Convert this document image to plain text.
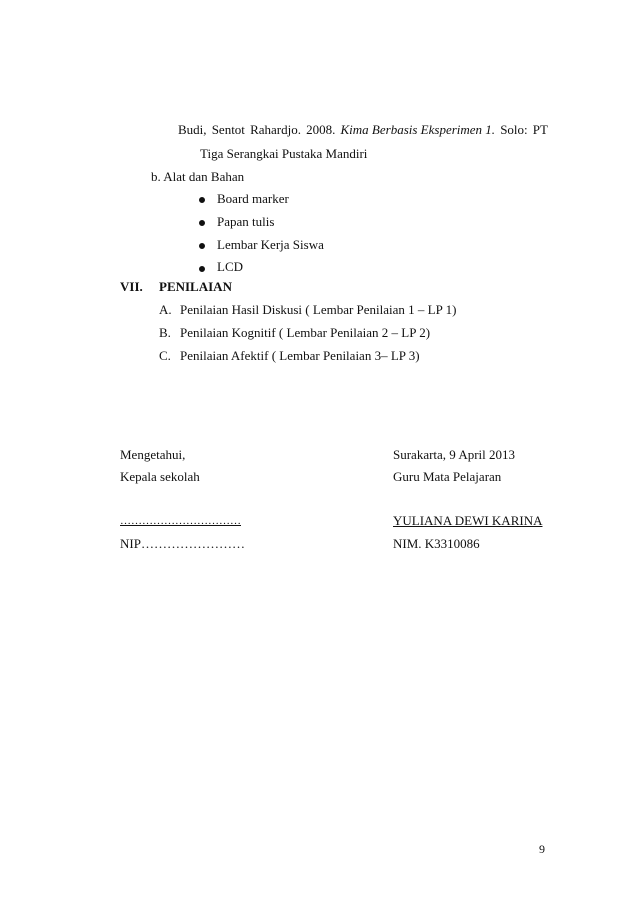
Budi, Sentot Rahardjo. 2008. Kima Berbasis Eksperimen 1. Solo: PT
Tiga Serangkai Pustaka Mandiri
b. Alat dan Bahan
Board marker
Papan tulis
Lembar Kerja Siswa
LCD
VII. PENILAIAN
A. Penilaian Hasil Diskusi ( Lembar Penilaian 1 – LP 1)
B. Penilaian Kognitif ( Lembar Penilaian 2 – LP 2)
C. Penilaian Afektif ( Lembar Penilaian 3– LP 3)
Mengetahui,	Surakarta, 9 April 2013
Kepala sekolah	Guru Mata Pelajaran
……………………………	YULIANA DEWI KARINA
NIP……………………	NIM. K3310086
9
